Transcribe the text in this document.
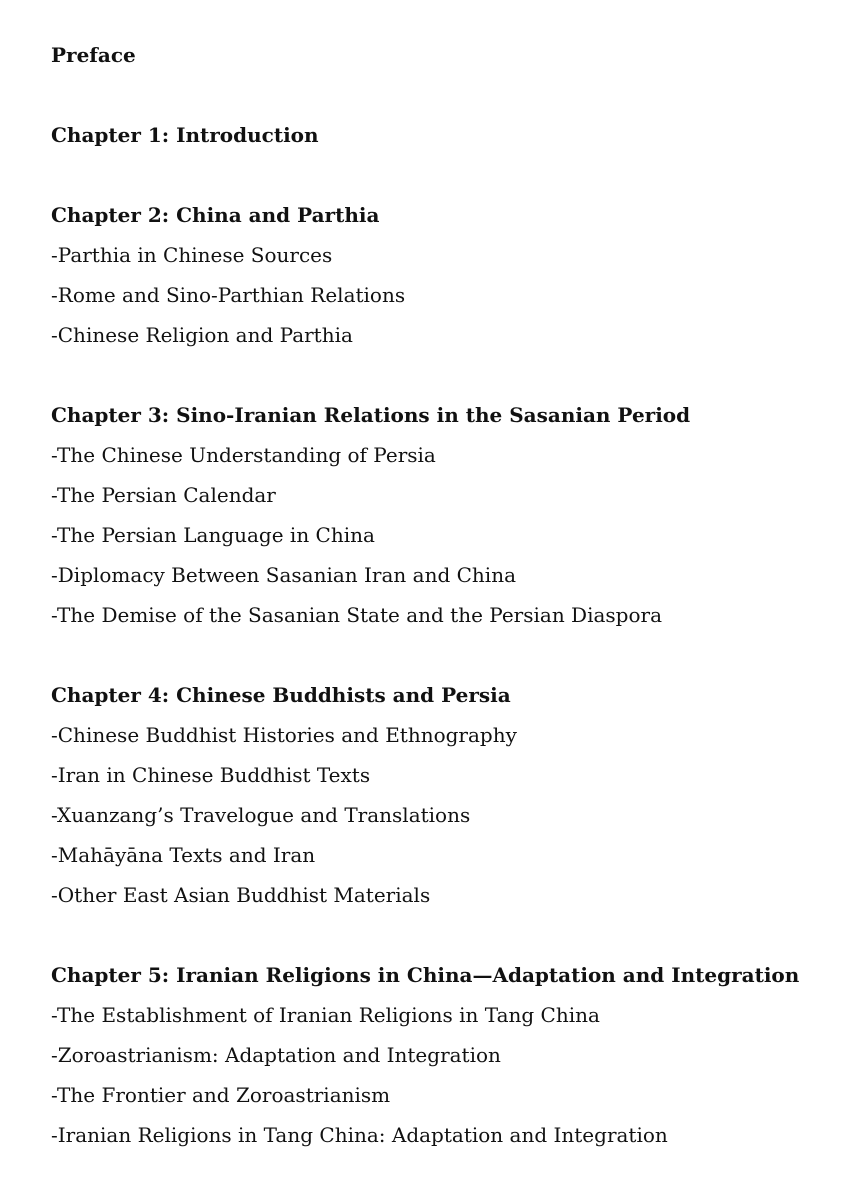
Preface
Chapter 1: Introduction
Chapter 2: China and Parthia
-Parthia in Chinese Sources
-Rome and Sino-Parthian Relations
-Chinese Religion and Parthia
Chapter 3: Sino-Iranian Relations in the Sasanian Period
-The Chinese Understanding of Persia
-The Persian Calendar
-The Persian Language in China
-Diplomacy Between Sasanian Iran and China
-The Demise of the Sasanian State and the Persian Diaspora
Chapter 4: Chinese Buddhists and Persia
-Chinese Buddhist Histories and Ethnography
-Iran in Chinese Buddhist Texts
-Xuanzang’s Travelogue and Translations
-Mahāyāna Texts and Iran
-Other East Asian Buddhist Materials
Chapter 5: Iranian Religions in China—Adaptation and Integration
-The Establishment of Iranian Religions in Tang China
-Zoroastrianism: Adaptation and Integration
-The Frontier and Zoroastrianism
-Iranian Religions in Tang China: Adaptation and Integration
